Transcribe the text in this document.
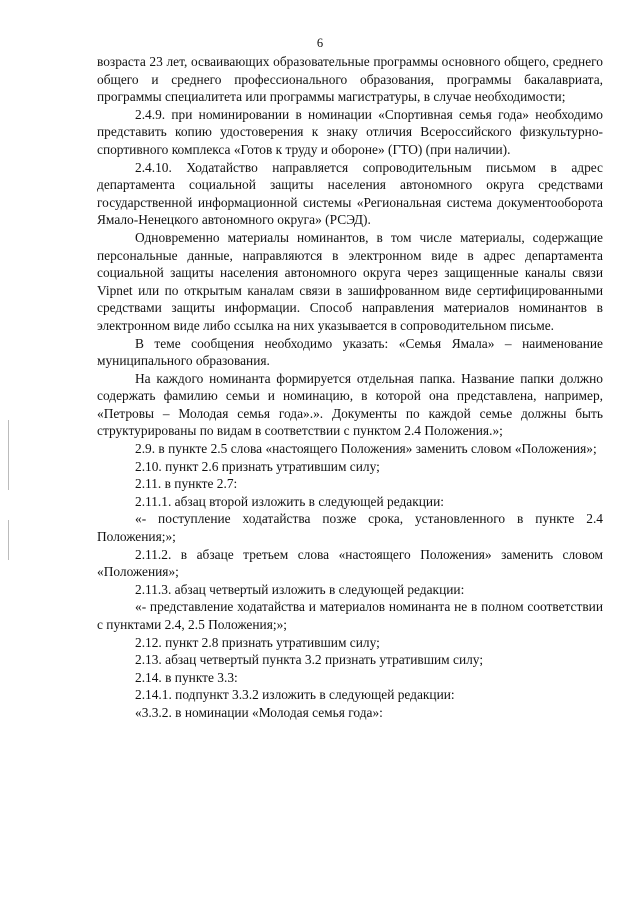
6

возраста 23 лет, осваивающих образовательные программы основного общего, среднего общего и среднего профессионального образования, программы бакалавриата, программы специалитета или программы магистратуры, в случае необходимости;

2.4.9. при номинировании в номинации «Спортивная семья года» необходимо представить копию удостоверения к знаку отличия Всероссийского физкультурно-спортивного комплекса «Готов к труду и обороне» (ГТО) (при наличии).

2.4.10. Ходатайство направляется сопроводительным письмом в адрес департамента социальной защиты населения автономного округа средствами государственной информационной системы «Региональная система документооборота Ямало-Ненецкого автономного округа» (РСЭД).

Одновременно материалы номинантов, в том числе материалы, содержащие персональные данные, направляются в электронном виде в адрес департамента социальной защиты населения автономного округа через защищенные каналы связи Vipnet или по открытым каналам связи в зашифрованном виде сертифицированными средствами защиты информации. Способ направления материалов номинантов в электронном виде либо ссылка на них указывается в сопроводительном письме.

В теме сообщения необходимо указать: «Семья Ямала» – наименование муниципального образования.

На каждого номинанта формируется отдельная папка. Название папки должно содержать фамилию семьи и номинацию, в которой она представлена, например, «Петровы – Молодая семья года».». Документы по каждой семье должны быть структурированы по видам в соответствии с пунктом 2.4 Положения.»;

2.9. в пункте 2.5 слова «настоящего Положения» заменить словом «Положения»;

2.10. пункт 2.6 признать утратившим силу;

2.11. в пункте 2.7:

2.11.1. абзац второй изложить в следующей редакции:

«- поступление ходатайства позже срока, установленного в пункте 2.4 Положения;»;

2.11.2. в абзаце третьем слова «настоящего Положения» заменить словом «Положения»;

2.11.3. абзац четвертый изложить в следующей редакции:

«- представление ходатайства и материалов номинанта не в полном соответствии с пунктами 2.4, 2.5 Положения;»;

2.12. пункт 2.8 признать утратившим силу;

2.13. абзац четвертый пункта 3.2 признать утратившим силу;

2.14. в пункте 3.3:

2.14.1. подпункт 3.3.2 изложить в следующей редакции:

«3.3.2. в номинации «Молодая семья года»:
